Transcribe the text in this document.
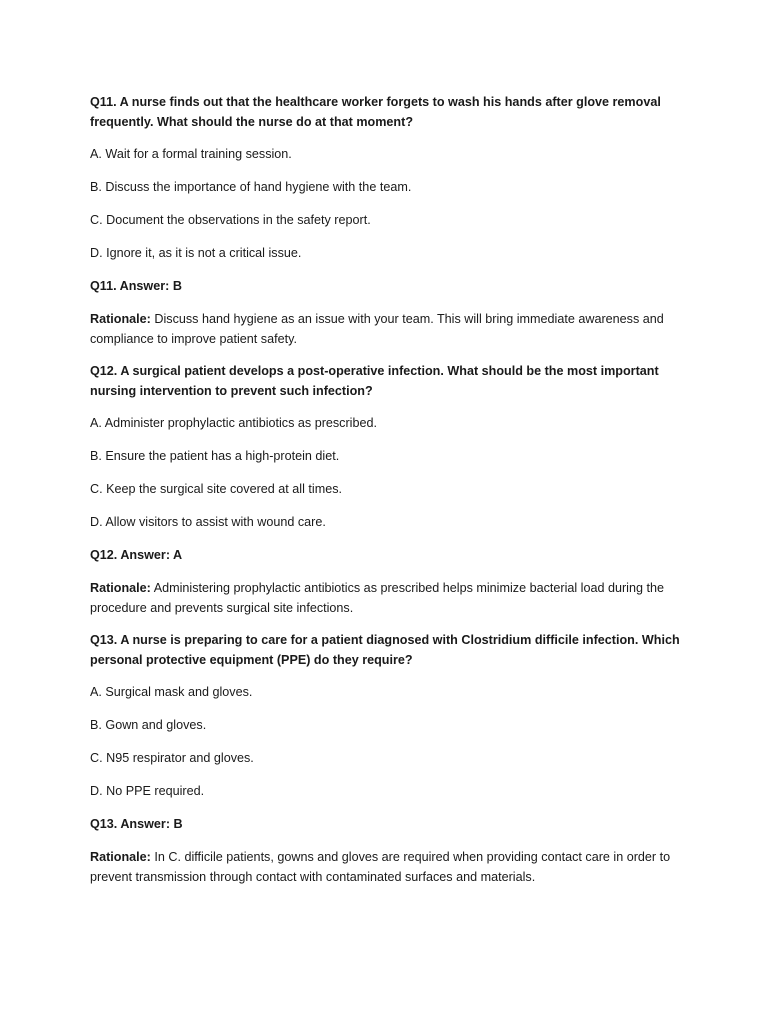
Q11. A nurse finds out that the healthcare worker forgets to wash his hands after glove removal frequently. What should the nurse do at that moment?

A. Wait for a formal training session.

B. Discuss the importance of hand hygiene with the team.

C. Document the observations in the safety report.

D. Ignore it, as it is not a critical issue.

Q11. Answer: B

Rationale: Discuss hand hygiene as an issue with your team. This will bring immediate awareness and compliance to improve patient safety.

Q12. A surgical patient develops a post-operative infection. What should be the most important nursing intervention to prevent such infection?

A. Administer prophylactic antibiotics as prescribed.

B. Ensure the patient has a high-protein diet.

C. Keep the surgical site covered at all times.

D. Allow visitors to assist with wound care.

Q12. Answer: A

Rationale: Administering prophylactic antibiotics as prescribed helps minimize bacterial load during the procedure and prevents surgical site infections.

Q13. A nurse is preparing to care for a patient diagnosed with Clostridium difficile infection. Which personal protective equipment (PPE) do they require?

A. Surgical mask and gloves.

B. Gown and gloves.

C. N95 respirator and gloves.

D. No PPE required.

Q13. Answer: B

Rationale: In C. difficile patients, gowns and gloves are required when providing contact care in order to prevent transmission through contact with contaminated surfaces and materials.
